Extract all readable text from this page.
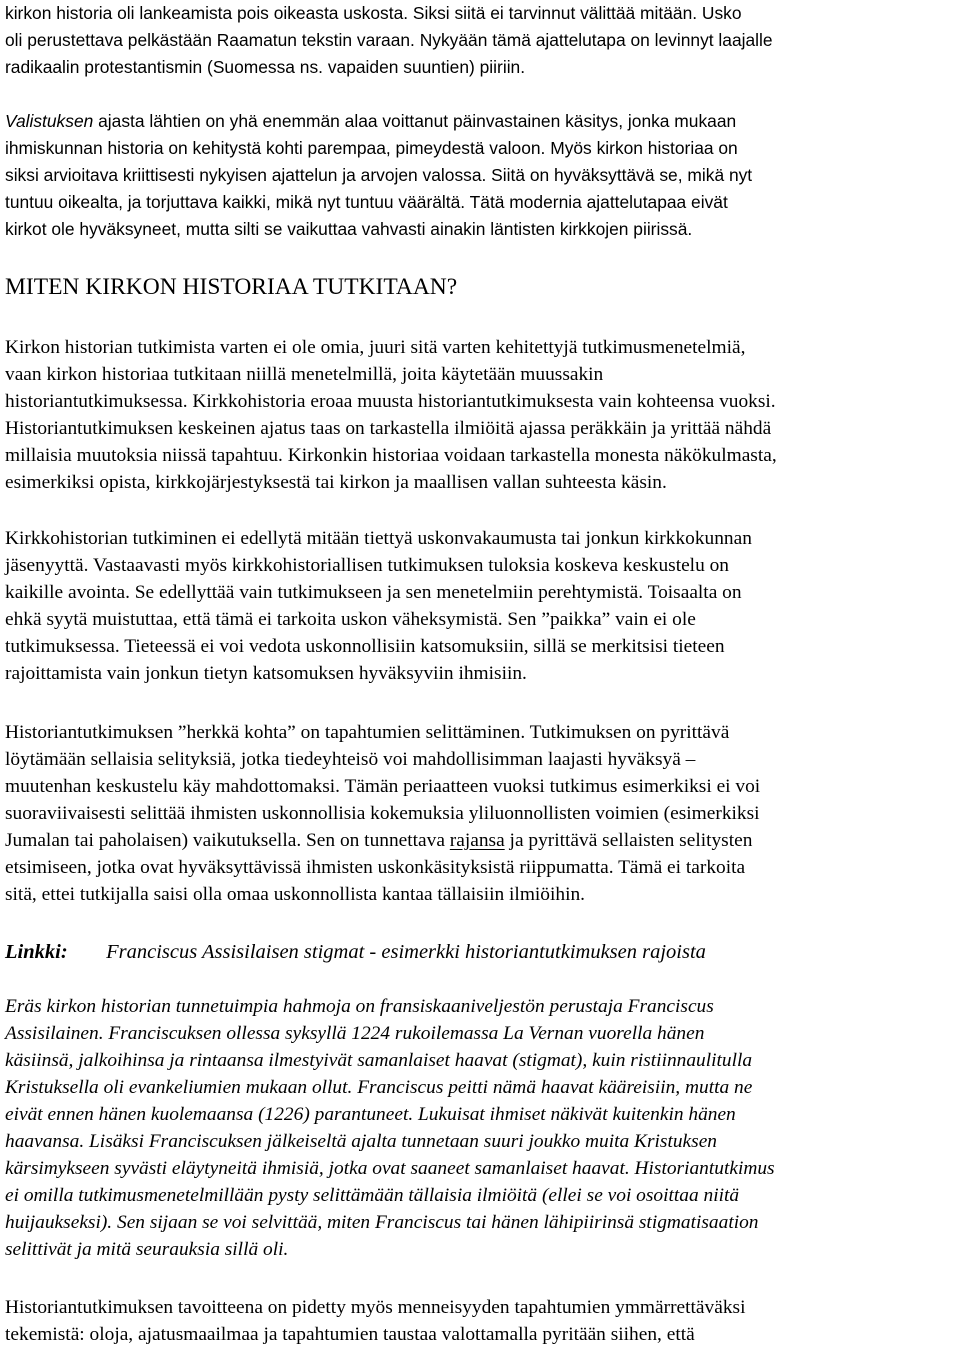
kirkon historia oli lankeamista pois oikeasta uskosta. Siksi siitä ei tarvinnut välittää mitään. Usko
oli perustettava pelkästään Raamatun tekstin varaan. Nykyään tämä ajattelutapa on levinnyt laajalle
radikaalin protestantismin (Suomessa ns. vapaiden suuntien) piiriin.

Valistuksen ajasta lähtien on yhä enemmän alaa voittanut päinvastainen käsitys, jonka mukaan
ihmiskunnan historia on kehitystä kohti parempaa, pimeydestä valoon. Myös kirkon historiaa on
siksi arvioitava kriittisesti nykyisen ajattelun ja arvojen valossa. Siitä on hyväksyttävä se, mikä nyt
tuntuu oikealta, ja torjuttava kaikki, mikä nyt tuntuu väärältä. Tätä modernia ajattelutapaa eivät
kirkot ole hyväksyneet, mutta silti se vaikuttaa vahvasti ainakin läntisten kirkkojen piirissä.

MITEN KIRKON HISTORIAA TUTKITAAN?

Kirkon historian tutkimista varten ei ole omia, juuri sitä varten kehitettyjä tutkimusmenetelmiä,
vaan kirkon historiaa tutkitaan niillä menetelmillä, joita käytetään muussakin
historiantutkimuksessa. Kirkkohistoria eroaa muusta historiantutkimuksesta vain kohteensa vuoksi.
Historiantutkimuksen keskeinen ajatus taas on tarkastella ilmiöitä ajassa peräkkäin ja yrittää nähdä
millaisia muutoksia niissä tapahtuu. Kirkonkin historiaa voidaan tarkastella monesta näkökulmasta,
esimerkiksi opista, kirkkojärjestyksestä tai kirkon ja maallisen vallan suhteesta käsin.

Kirkkohistorian tutkiminen ei edellytä mitään tiettyä uskonvakaumusta tai jonkun kirkkokunnan
jäsenyyttä. Vastaavasti myös kirkkohistoriallisen tutkimuksen tuloksia koskeva keskustelu on
kaikille avointa. Se edellyttää vain tutkimukseen ja sen menetelmiin perehtymistä. Toisaalta on
ehkä syytä muistuttaa, että tämä ei tarkoita uskon väheksymistä. Sen ”paikka” vain ei ole
tutkimuksessa. Tieteessä ei voi vedota uskonnollisiin katsomuksiin, sillä se merkitsisi tieteen
rajoittamista vain jonkun tietyn katsomuksen hyväksyviin ihmisiin.

Historiantutkimuksen ”herkkä kohta” on tapahtumien selittäminen. Tutkimuksen on pyrittävä
löytämään sellaisia selityksiä, jotka tiedeyhteisö voi mahdollisimman laajasti hyväksyä –
muutenhan keskustelu käy mahdottomaksi. Tämän periaatteen vuoksi tutkimus esimerkiksi ei voi
suoraviivaisesti selittää ihmisten uskonnollisia kokemuksia yliluonnollisten voimien (esimerkiksi
Jumalan tai paholaisen) vaikutuksella. Sen on tunnettava rajansa ja pyrittävä sellaisten selitysten
etsimiseen, jotka ovat hyväksyttävissä ihmisten uskonkäsityksistä riippumatta. Tämä ei tarkoita
sitä, ettei tutkijalla saisi olla omaa uskonnollista kantaa tällaisiin ilmiöihin.

Linkki: Franciscus Assisilaisen stigmat - esimerkki historiantutkimuksen rajoista

Eräs kirkon historian tunnetuimpia hahmoja on fransiskaaniveljestön perustaja Franciscus
Assisilainen. Franciscuksen ollessa syksyllä 1224 rukoilemassa La Vernan vuorella hänen
käsiinsä, jalkoihinsa ja rintaansa ilmestyivät samanlaiset haavat (stigmat), kuin ristiinnaulitulla
Kristuksella oli evankeliumien mukaan ollut. Franciscus peitti nämä haavat kääreisiin, mutta ne
eivät ennen hänen kuolemaansa (1226) parantuneet. Lukuisat ihmiset näkivät kuitenkin hänen
haavansa. Lisäksi Franciscuksen jälkeiseltä ajalta tunnetaan suuri joukko muita Kristuksen
kärsimykseen syvästi eläytyneitä ihmisiä, jotka ovat saaneet samanlaiset haavat. Historiantutkimus
ei omilla tutkimusmenetelmillään pysty selittämään tällaisia ilmiöitä (ellei se voi osoittaa niitä
huijaukseksi). Sen sijaan se voi selvittää, miten Franciscus tai hänen lähipiirinsä stigmatisaation
selittivät ja mitä seurauksia sillä oli.

Historiantutkimuksen tavoitteena on pidetty myös menneisyyden tapahtumien ymmärrettäväksi
tekemistä: oloja, ajatusmaailmaa ja tapahtumien taustaa valottamalla pyritään siihen, että
